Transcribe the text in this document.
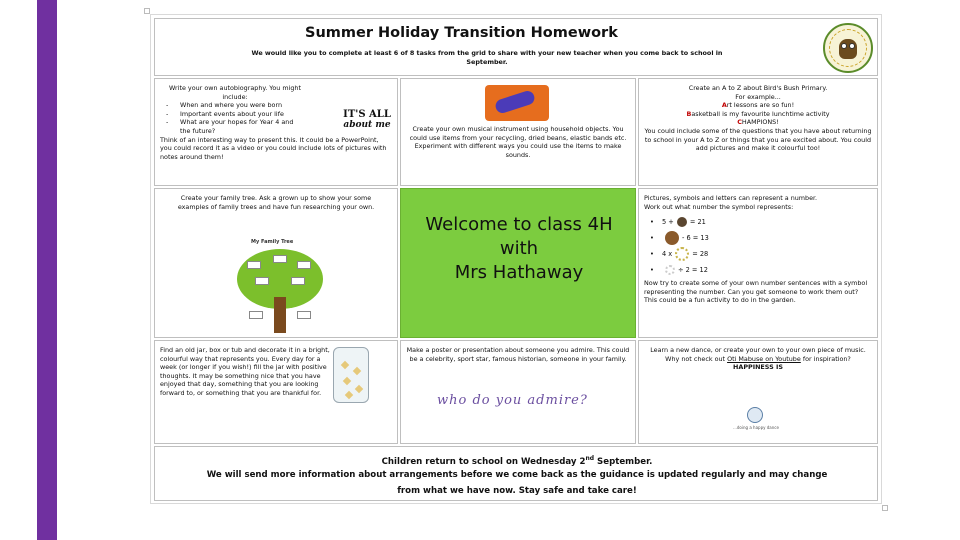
Summer Holiday Transition Homework

We would like you to complete at least 6 of 8 tasks from the grid to share with your new teacher when you come back to school in
September.

Write your own autobiography. You might include:

- When and where you were born
- Important events about your life
- What are your hopes for Year 4 and the future?

Think of an interesting way to present this. It could be a PowerPoint, you could record it as a video or you could include lots of pictures with notes around them!

IT'S ALL
about me	Create your own musical instrument using household objects. You could use items from your recycling, dried beans, elastic bands etc. Experiment with different ways you could use the items to make sounds.

Create an A to Z about Bird's Bush Primary.

For example...

Art lessons are so fun!

Basketball is my favourite lunchtime activity

CHAMPIONS!

You could include some of the questions that you have about returning to school in your A to Z or things that you are excited about. You could add pictures and make it colourful too!

Create your family tree. Ask a grown up to show your some examples of family trees and have fun researching your own.

My Family Tree
Welcome to class 4H
with
Mrs Hathaway

Pictures, symbols and letters can represent a number.

Work out what number the symbol represents:

• 5 + = 21
• - 6 = 13
• 4 x	= 28
• ÷ 2 = 12

Now try to create some of your own number sentences with a symbol representing the number. Can you get someone to work them out? This could be a fun activity to do in the garden.

Find an old jar, box or tub and decorate it in a bright, colourful way that represents you. Every day for a week (or longer if you wish!) fill the jar with positive thoughts. It may be something nice that you have enjoyed that day, something that you are looking forward to, or something that you are thankful for.

Make a poster or presentation about someone you admire. This could be a celebrity, sport star, famous historian, someone in your family.

who do you admire?

Learn a new dance, or create your own to your own piece of music.

Why not check out Oti Mabuse on Youtube for inspiration?

HAPPINESS IS

...doing a happy dance

Children return to school on Wednesday 2nd September.

We will send more information about arrangements before we come back as the guidance is updated regularly and may change

from what we have now. Stay safe and take care!
